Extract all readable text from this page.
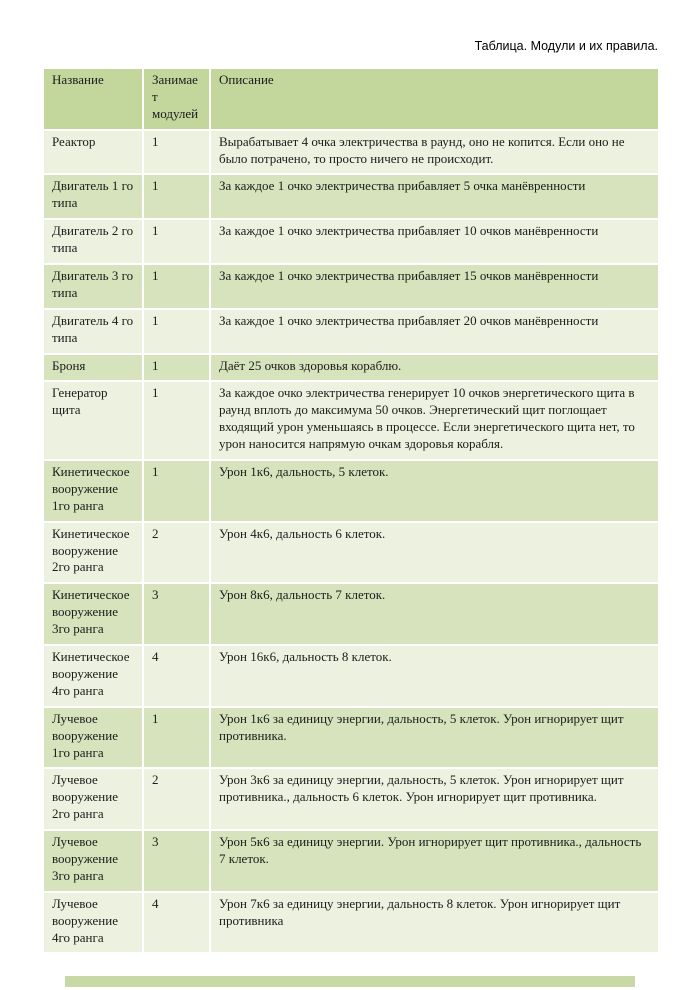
Таблица. Модули и их правила.
Название	Занимает модулей	Описание
Реактор	1	Вырабатывает 4 очка электричества в раунд, оно не копится. Если оно не было потрачено, то просто ничего не происходит.
Двигатель 1 го типа	1	За каждое 1 очко электричества прибавляет 5 очка манёвренности
Двигатель 2 го типа	1	За каждое 1 очко электричества прибавляет 10 очков манёвренности
Двигатель 3 го типа	1	За каждое 1 очко электричества прибавляет 15 очков манёвренности
Двигатель 4 го типа	1	За каждое 1 очко электричества прибавляет 20 очков манёвренности
Броня	1	Даёт 25 очков здоровья кораблю.
Генератор щита	1	За каждое очко электричества генерирует 10 очков энергетического щита в раунд вплоть до максимума 50 очков. Энергетический щит поглощает входящий урон уменьшаясь в процессе. Если энергетического щита нет, то урон наносится напрямую очкам здоровья корабля.
Кинетическое вооружение 1го ранга	1	Урон 1к6, дальность, 5 клеток.
Кинетическое вооружение 2го ранга	2	Урон 4к6, дальность 6 клеток.
Кинетическое вооружение 3го ранга	3	Урон 8к6, дальность 7 клеток.
Кинетическое вооружение 4го ранга	4	Урон 16к6, дальность 8 клеток.
Лучевое вооружение 1го ранга	1	Урон 1к6 за единицу энергии, дальность, 5 клеток. Урон игнорирует щит противника.
Лучевое вооружение 2го ранга	2	Урон 3к6 за единицу энергии, дальность, 5 клеток. Урон игнорирует щит противника., дальность 6 клеток. Урон игнорирует щит противника.
Лучевое вооружение 3го ранга	3	Урон 5к6 за единицу энергии. Урон игнорирует щит противника., дальность 7 клеток.
Лучевое вооружение 4го ранга	4	Урон 7к6 за единицу энергии, дальность 8 клеток. Урон игнорирует щит противника
